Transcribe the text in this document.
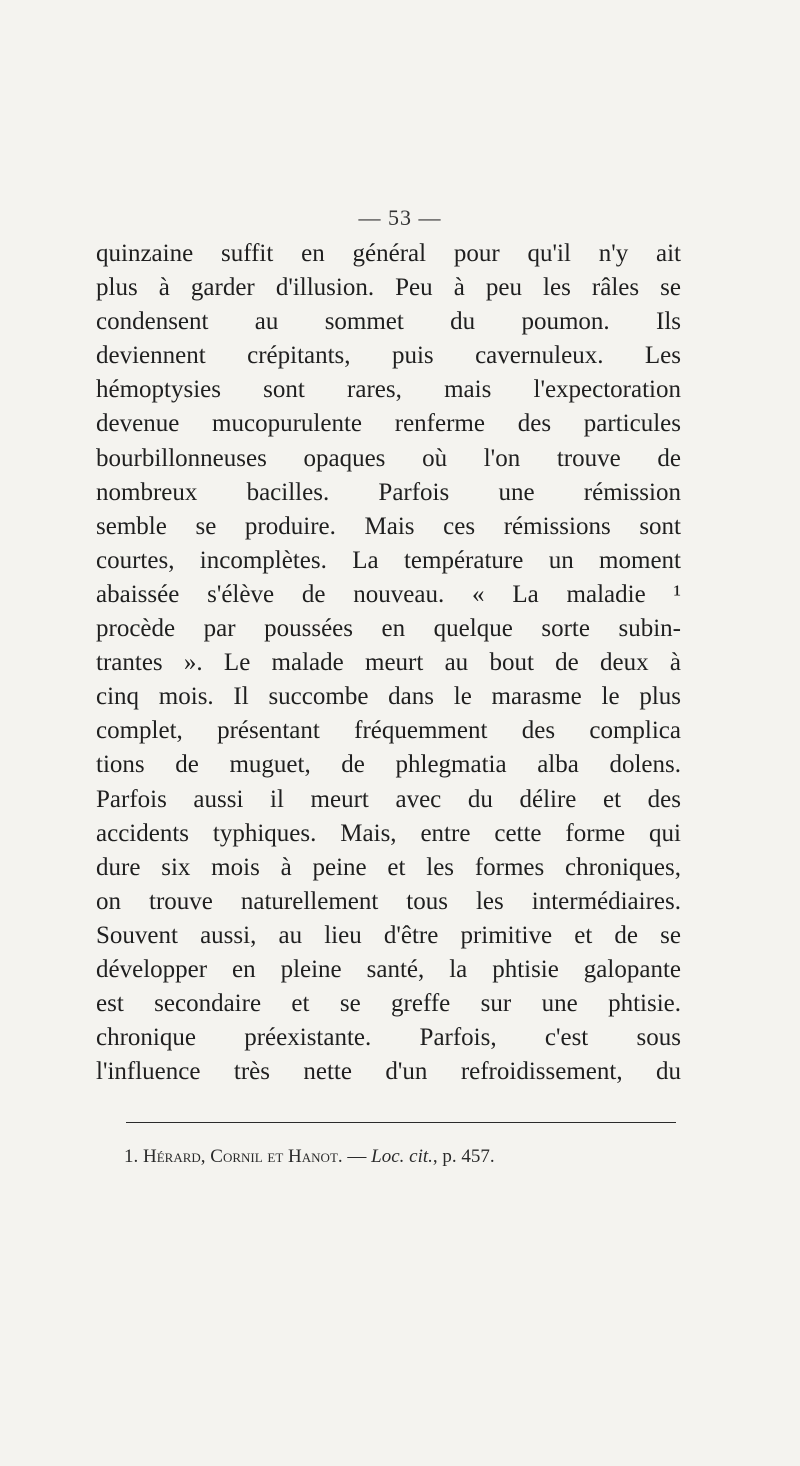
— 53 —
quinzaine suffit en général pour qu'il n'y ait
plus à garder d'illusion. Peu à peu les râles se
condensent au sommet du poumon. Ils
deviennent crépitants, puis cavernuleux. Les
hémoptysies sont rares, mais l'expectoration
devenue mucopurulente renferme des particules
bourbillonneuses opaques où l'on trouve de
nombreux bacilles. Parfois une rémission
semble se produire. Mais ces rémissions sont
courtes, incomplètes. La température un moment
abaissée s'élève de nouveau. « La maladie ¹
procède par poussées en quelque sorte subin-
trantes ». Le malade meurt au bout de deux à
cinq mois. Il succombe dans le marasme le plus
complet, présentant fréquemment des complica
tions de muguet, de phlegmatia alba dolens.
Parfois aussi il meurt avec du délire et des
accidents typhiques. Mais, entre cette forme qui
dure six mois à peine et les formes chroniques,
on trouve naturellement tous les intermédiaires.
Souvent aussi, au lieu d'être primitive et de se
développer en pleine santé, la phtisie galopante
est secondaire et se greffe sur une phtisie.
chronique préexistante. Parfois, c'est sous
l'influence très nette d'un refroidissement, du
1. Hérard, Cornil et Hanot. — Loc. cit., p. 457.
